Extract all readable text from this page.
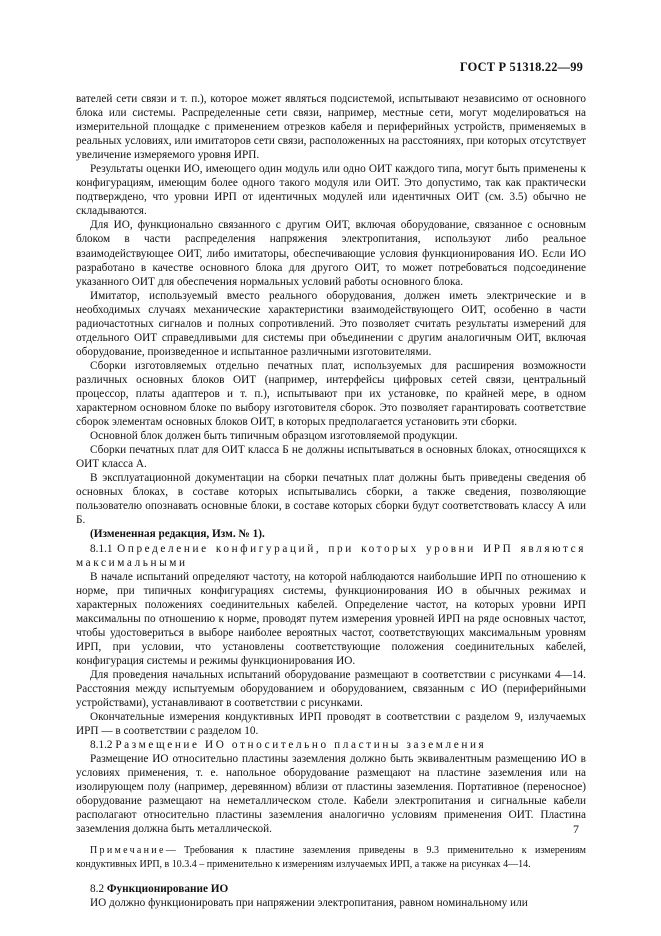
ГОСТ Р 51318.22—99

вателей сети связи и т. п.), которое может являться подсистемой, испытывают независимо от основного блока или системы. Распределенные сети связи, например, местные сети, могут моделироваться на измерительной площадке с применением отрезков кабеля и периферийных устройств, применяемых в реальных условиях, или имитаторов сети связи, расположенных на расстояниях, при которых отсутствует увеличение измеряемого уровня ИРП.

Результаты оценки ИО, имеющего один модуль или одно ОИТ каждого типа, могут быть применены к конфигурациям, имеющим более одного такого модуля или ОИТ. Это допустимо, так как практически подтверждено, что уровни ИРП от идентичных модулей или идентичных ОИТ (см. 3.5) обычно не складываются.

Для ИО, функционально связанного с другим ОИТ, включая оборудование, связанное с основным блоком в части распределения напряжения электропитания, используют либо реальное взаимодействующее ОИТ, либо имитаторы, обеспечивающие условия функционирования ИО. Если ИО разработано в качестве основного блока для другого ОИТ, то может потребоваться подсоединение указанного ОИТ для обеспечения нормальных условий работы основного блока.

Имитатор, используемый вместо реального оборудования, должен иметь электрические и в необходимых случаях механические характеристики взаимодействующего ОИТ, особенно в части радиочастотных сигналов и полных сопротивлений. Это позволяет считать результаты измерений для отдельного ОИТ справедливыми для системы при объединении с другим аналогичным ОИТ, включая оборудование, произведенное и испытанное различными изготовителями.

Сборки изготовляемых отдельно печатных плат, используемых для расширения возможности различных основных блоков ОИТ (например, интерфейсы цифровых сетей связи, центральный процессор, платы адаптеров и т. п.), испытывают при их установке, по крайней мере, в одном характерном основном блоке по выбору изготовителя сборок. Это позволяет гарантировать соответствие сборок элементам основных блоков ОИТ, в которых предполагается установить эти сборки.

Основной блок должен быть типичным образцом изготовляемой продукции.

Сборки печатных плат для ОИТ класса Б не должны испытываться в основных блоках, относящихся к ОИТ класса А.

В эксплуатационной документации на сборки печатных плат должны быть приведены сведения об основных блоках, в составе которых испытывались сборки, а также сведения, позволяющие пользователю опознавать основные блоки, в составе которых сборки будут соответствовать классу А или Б.

(Измененная редакция, Изм. № 1).

8.1.1 Определение конфигураций, при которых уровни ИРП являются максимальными

В начале испытаний определяют частоту, на которой наблюдаются наибольшие ИРП по отношению к норме, при типичных конфигурациях системы, функционирования ИО в обычных режимах и характерных положениях соединительных кабелей. Определение частот, на которых уровни ИРП максимальны по отношению к норме, проводят путем измерения уровней ИРП на ряде основных частот, чтобы удостовериться в выборе наиболее вероятных частот, соответствующих максимальным уровням ИРП, при условии, что установлены соответствующие положения соединительных кабелей, конфигурация системы и режимы функционирования ИО.

Для проведения начальных испытаний оборудование размещают в соответствии с рисунками 4—14. Расстояния между испытуемым оборудованием и оборудованием, связанным с ИО (периферийными устройствами), устанавливают в соответствии с рисунками.

Окончательные измерения кондуктивных ИРП проводят в соответствии с разделом 9, излучаемых ИРП — в соответствии с разделом 10.

8.1.2 Размещение ИО относительно пластины заземления

Размещение ИО относительно пластины заземления должно быть эквивалентным размещению ИО в условиях применения, т. е. напольное оборудование размещают на пластине заземления или на изолирующем полу (например, деревянном) вблизи от пластины заземления. Портативное (переносное) оборудование размещают на неметаллическом столе. Кабели электропитания и сигнальные кабели располагают относительно пластины заземления аналогично условиям применения ОИТ. Пластина заземления должна быть металлической.

Примечание— Требования к пластине заземления приведены в 9.3 применительно к измерениям кондуктивных ИРП, в 10.3.4 – применительно к измерениям излучаемых ИРП, а также на рисунках 4—14.

8.2 Функционирование ИО

ИО должно функционировать при напряжении электропитания, равном номинальному или

7
